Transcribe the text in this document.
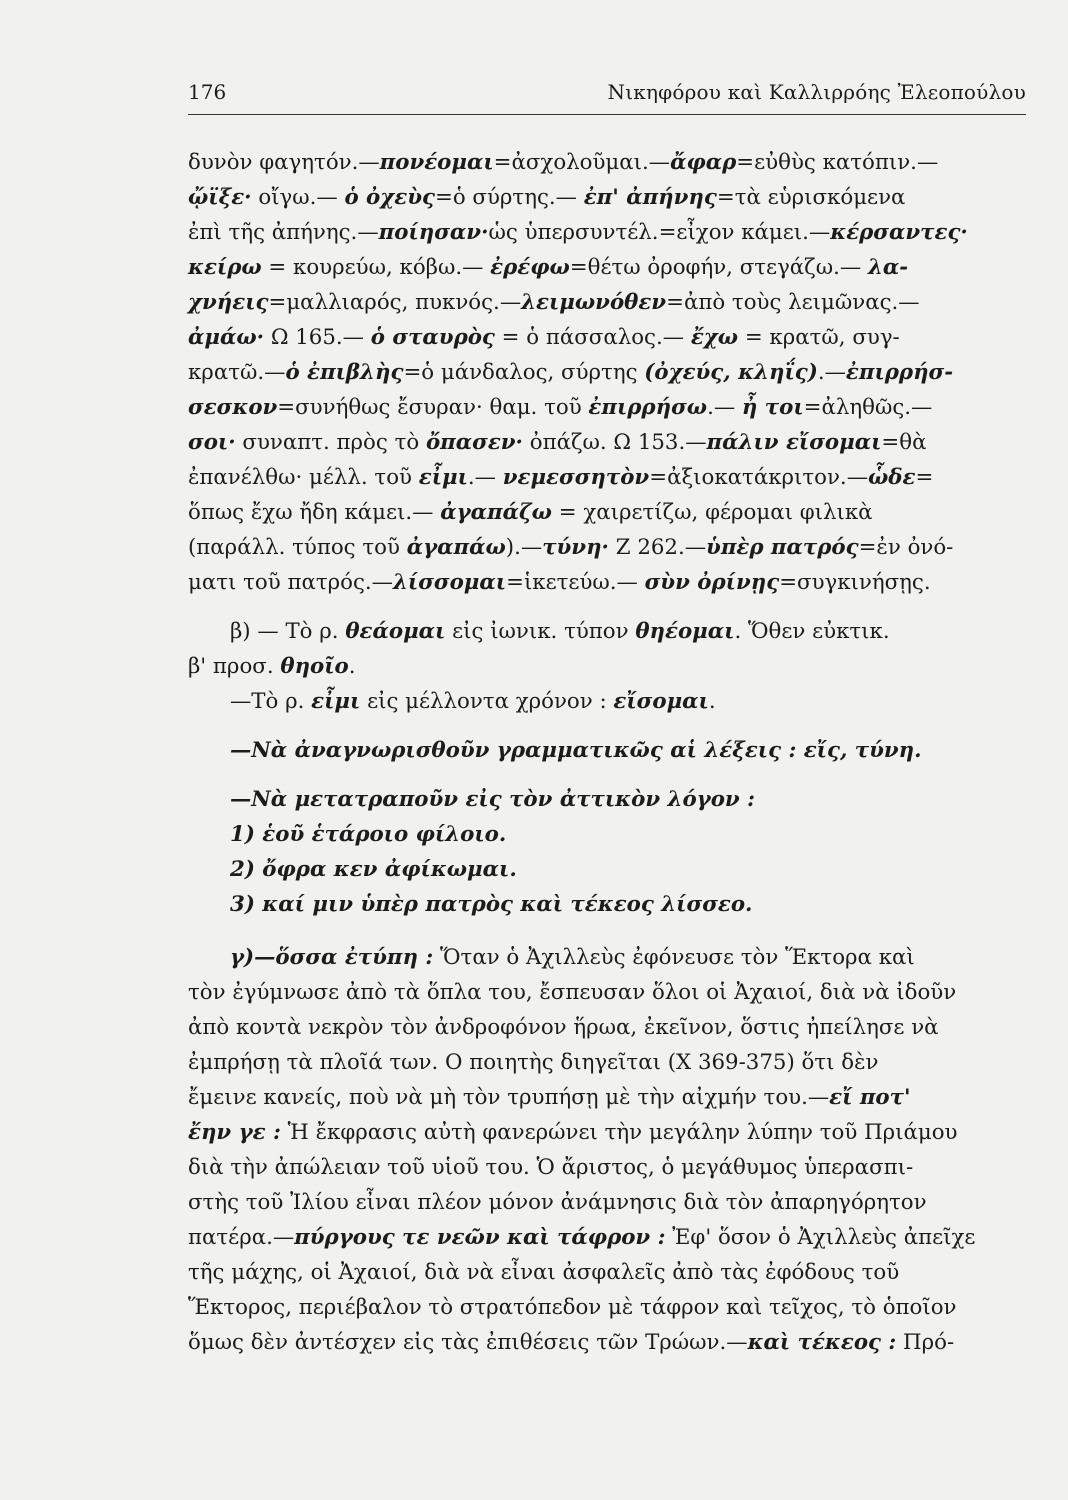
176	Νικηφόρου καὶ Καλλιρρόης Ἐλεοπούλου

δυνὸν φαγητόν.—πονέομαι=ἀσχολοῦμαι.—ἄφαρ=εὐθὺς κατόπιν.—

ᾤϊξε· οἴγω.— ὁ ὀχεὺς=ὁ σύρτης.— ἐπ' ἀπήνης=τὰ εὑρισκόμενα

ἐπὶ τῆς ἀπήνης.—ποίησαν·ὡς ὑπερσυντέλ.=εἶχον κάμει.—κέρσαντες·

κείρω = κουρεύω, κόβω.— ἐρέφω=θέτω ὀροφήν, στεγάζω.— λα-

χνήεις=μαλλιαρός, πυκνός.—λειμωνόθεν=ἀπὸ τοὺς λειμῶνας.—

ἀμάω· Ω 165.— ὁ σταυρὸς = ὁ πάσσαλος.— ἔχω = κρατῶ, συγ-

κρατῶ.—ὁ ἐπιβλὴς=ὁ μάνδαλος, σύρτης (ὀχεύς, κληΐς).—ἐπιρρήσ-

σεσκον=συνήθως ἔσυραν· θαμ. τοῦ ἐπιρρήσω.— ἦ τοι=ἀληθῶς.—

σοι· συναπτ. πρὸς τὸ ὄπασεν· ὀπάζω. Ω 153.—πάλιν εἴσομαι=θὰ

ἐπανέλθω· μέλλ. τοῦ εἶμι.— νεμεσσητὸν=ἀξιοκατάκριτον.—ὧδε=

ὅπως ἔχω ἤδη κάμει.— ἀγαπάζω = χαιρετίζω, φέρομαι φιλικὰ

(παράλλ. τύπος τοῦ ἀγαπάω).—τύνη· Ζ 262.—ὑπὲρ πατρός=ἐν ὀνό-

ματι τοῦ πατρός.—λίσσομαι=ἱκετεύω.— σὺν ὀρίνῃς=συγκινήσῃς.

β) — Τὸ ρ. θεάομαι εἰς ἰωνικ. τύπον θηέομαι. Ὅθεν εὐκτικ.

β' προσ. θηοῖο.

—Τὸ ρ. εἶμι εἰς μέλλοντα χρόνον : εἴσομαι.

—Νὰ ἀναγνωρισθοῦν γραμματικῶς αἱ λέξεις : εἴς, τύνη.

—Νὰ μετατραποῦν εἰς τὸν ἀττικὸν λόγον :

1) ἑοῦ ἑτάροιο φίλοιο.

2) ὄφρα κεν ἀφίκωμαι.

3) καί μιν ὑπὲρ πατρὸς καὶ τέκεος λίσσεο.

γ)—ὅσσα ἐτύπη : Ὅταν ὁ Ἀχιλλεὺς ἐφόνευσε τὸν Ἕκτορα καὶ

τὸν ἐγύμνωσε ἀπὸ τὰ ὅπλα του, ἔσπευσαν ὅλοι οἱ Ἀχαιοί, διὰ νὰ ἰδοῦν

ἀπὸ κοντὰ νεκρὸν τὸν ἀνδροφόνον ἥρωα, ἐκεῖνον, ὅστις ἠπείλησε νὰ

ἐμπρήσῃ τὰ πλοῖά των. Ο ποιητὴς διηγεῖται (Χ 369-375) ὅτι δὲν

ἔμεινε κανείς, ποὺ νὰ μὴ τὸν τρυπήσῃ μὲ τὴν αἰχμήν του.—εἴ ποτ'

ἔην γε : Ἡ ἔκφρασις αὐτὴ φανερώνει τὴν μεγάλην λύπην τοῦ Πριάμου

διὰ τὴν ἀπώλειαν τοῦ υἱοῦ του. Ὁ ἄριστος, ὁ μεγάθυμος ὑπερασπι-

στὴς τοῦ Ἰλίου εἶναι πλέον μόνον ἀνάμνησις διὰ τὸν ἀπαρηγόρητον

πατέρα.—πύργους τε νεῶν καὶ τάφρον : Ἐφ' ὅσον ὁ Ἀχιλλεὺς ἀπεῖχε

τῆς μάχης, οἱ Ἀχαιοί, διὰ νὰ εἶναι ἀσφαλεῖς ἀπὸ τὰς ἐφόδους τοῦ

Ἕκτορος, περιέβαλον τὸ στρατόπεδον μὲ τάφρον καὶ τεῖχος, τὸ ὁποῖον

ὅμως δὲν ἀντέσχεν εἰς τὰς ἐπιθέσεις τῶν Τρώων.—καὶ τέκεος : Πρό-
